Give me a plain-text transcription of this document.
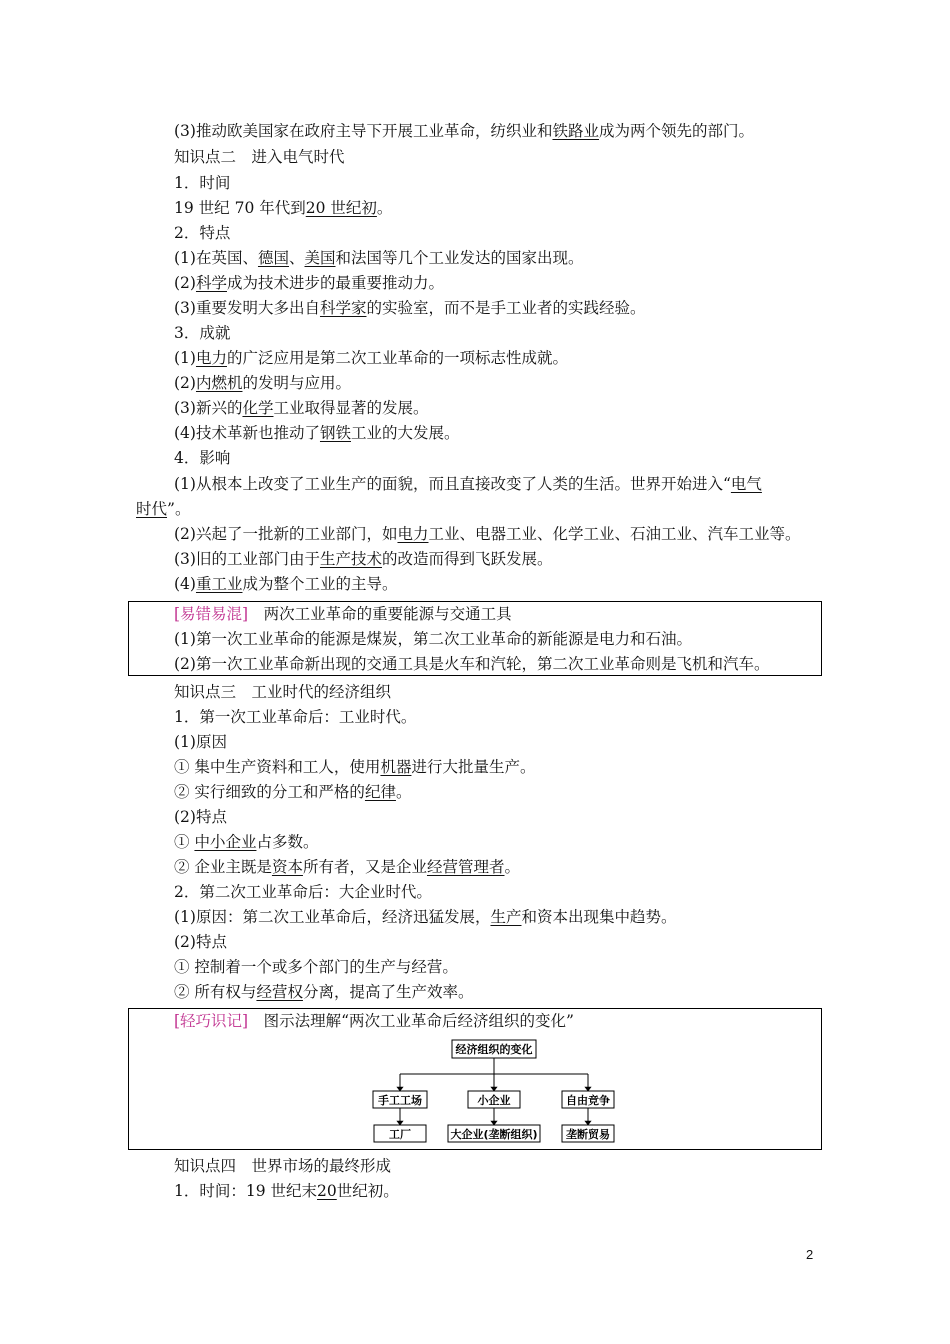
(3)推动欧美国家在政府主导下开展工业革命，纺织业和铁路业成为两个领先的部门。
知识点二　进入电气时代
1．时间
19 世纪 70 年代到20 世纪初。
2．特点
(1)在英国、德国、美国和法国等几个工业发达的国家出现。
(2)科学成为技术进步的最重要推动力。
(3)重要发明大多出自科学家的实验室，而不是手工业者的实践经验。
3．成就
(1)电力的广泛应用是第二次工业革命的一项标志性成就。
(2)内燃机的发明与应用。
(3)新兴的化学工业取得显著的发展。
(4)技术革新也推动了钢铁工业的大发展。
4．影响
(1)从根本上改变了工业生产的面貌，而且直接改变了人类的生活。世界开始进入“电气
时代”。
(2)兴起了一批新的工业部门，如电力工业、电器工业、化学工业、石油工业、汽车工业等。
(3)旧的工业部门由于生产技术的改造而得到飞跃发展。
(4)重工业成为整个工业的主导。
[易错易混]　两次工业革命的重要能源与交通工具
(1)第一次工业革命的能源是煤炭，第二次工业革命的新能源是电力和石油。
(2)第一次工业革命新出现的交通工具是火车和汽轮，第二次工业革命则是飞机和汽车。
知识点三　工业时代的经济组织
1．第一次工业革命后：工业时代。
(1)原因
① 集中生产资料和工人，使用机器进行大批量生产。
② 实行细致的分工和严格的纪律。
(2)特点
① 中小企业占多数。
② 企业主既是资本所有者，又是企业经营管理者。
2．第二次工业革命后：大企业时代。
(1)原因：第二次工业革命后，经济迅猛发展，生产和资本出现集中趋势。
(2)特点
① 控制着一个或多个部门的生产与经营。
② 所有权与经营权分离，提高了生产效率。
[轻巧识记]　图示法理解“两次工业革命后经济组织的变化”
经济组织的变化
手工工场	小企业	自由竞争
工厂	大企业(垄断组织)	垄断贸易
知识点四　世界市场的最终形成
1．时间：19 世纪末20世纪初。
2
